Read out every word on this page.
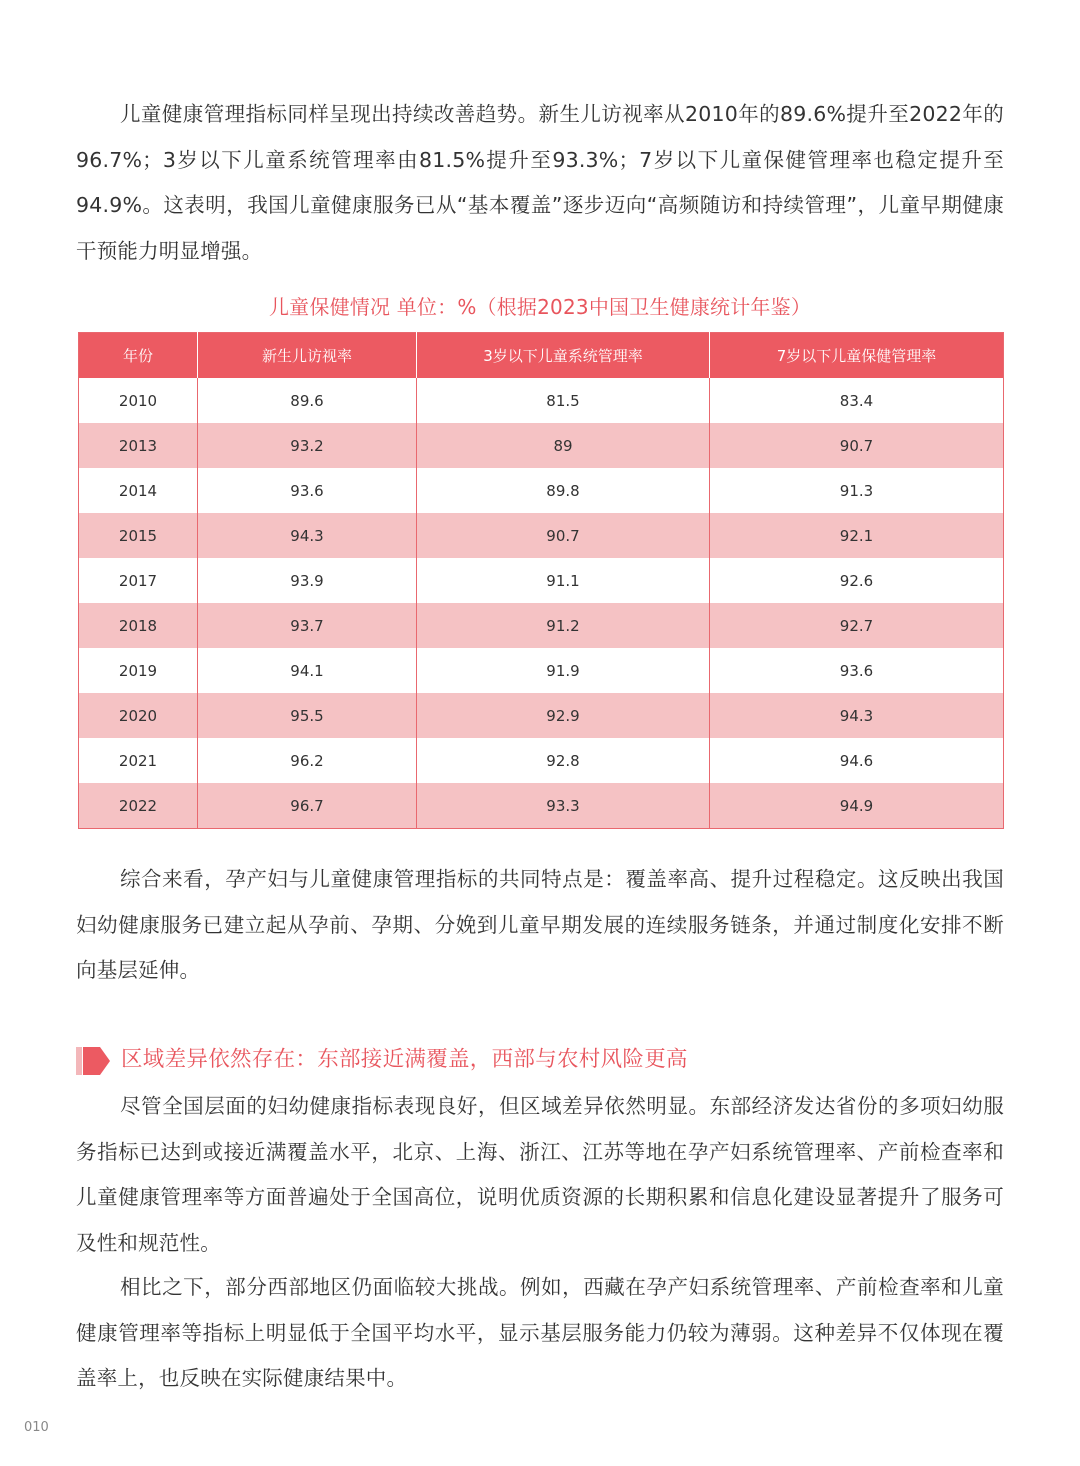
儿童健康管理指标同样呈现出持续改善趋势。新生儿访视率从2010年的89.6%提升至2022年的96.7%；3岁以下儿童系统管理率由81.5%提升至93.3%；7岁以下儿童保健管理率也稳定提升至94.9%。这表明，我国儿童健康服务已从“基本覆盖”逐步迈向“高频随访和持续管理”，儿童早期健康干预能力明显增强。

儿童保健情况 单位：%（根据2023中国卫生健康统计年鉴）
年份	新生儿访视率	3岁以下儿童系统管理率	7岁以下儿童保健管理率
2010	89.6	81.5	83.4
2013	93.2	89	90.7
2014	93.6	89.8	91.3
2015	94.3	90.7	92.1
2017	93.9	91.1	92.6
2018	93.7	91.2	92.7
2019	94.1	91.9	93.6
2020	95.5	92.9	94.3
2021	96.2	92.8	94.6
2022	96.7	93.3	94.9

综合来看，孕产妇与儿童健康管理指标的共同特点是：覆盖率高、提升过程稳定。这反映出我国妇幼健康服务已建立起从孕前、孕期、分娩到儿童早期发展的连续服务链条，并通过制度化安排不断向基层延伸。

区域差异依然存在：东部接近满覆盖，西部与农村风险更高

尽管全国层面的妇幼健康指标表现良好，但区域差异依然明显。东部经济发达省份的多项妇幼服务指标已达到或接近满覆盖水平，北京、上海、浙江、江苏等地在孕产妇系统管理率、产前检查率和儿童健康管理率等方面普遍处于全国高位，说明优质资源的长期积累和信息化建设显著提升了服务可及性和规范性。

相比之下，部分西部地区仍面临较大挑战。例如，西藏在孕产妇系统管理率、产前检查率和儿童健康管理率等指标上明显低于全国平均水平，显示基层服务能力仍较为薄弱。这种差异不仅体现在覆盖率上，也反映在实际健康结果中。

010
